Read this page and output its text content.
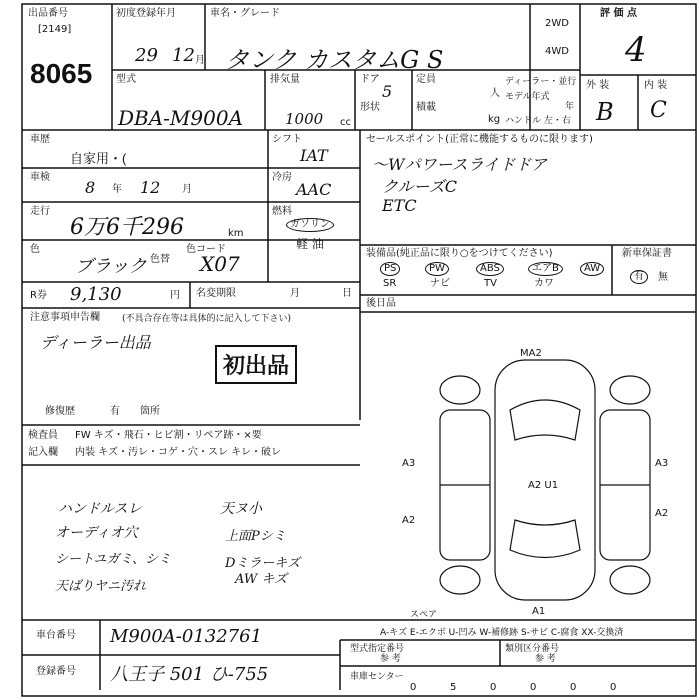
出品番号
[2149]
8065
初度登録年月
29 12 月
車名・グレード
タンク カスタムG S
2WD
4WD
評 価 点
4
型式
DBA-M900A
排気量
1000 cc
ドア
5
形状
定員
人
積載
kg
ディーラー・並行
モデル年式
年
ハンドル 左・右
外 装	内 装
B C
車歴
自家用・(
シフト
IAT
車検
8 年 12 月
冷房
AAC
走行
6万6千296	km
燃料
ガソリン
軽 油
色
ブラック 色替
色コード
X07
R券 9,130	円 名変期限	月	日
注意事項申告欄 (不具合存在等は具体的に記入して下さい)
ディーラー出品
初出品
修復歴	有 箇所
検査員 FW キズ・飛石・ヒビ割・リペア跡・×要
記入欄 内装 キズ・汚レ・コゲ・穴・スレ キレ・破レ
ハンドルスレ
オーディオ穴
シートユガミ、シミ
天ばりヤニ汚れ
天ヌ小
上面Pシミ
Dミラーキズ
AW キズ
セールスポイント(正常に機能するものに限ります)
〜Wパワースライドドア
クルーズC
ETC
装備品(純正品に限り○をつけてください)
PS	PW	ABS	エアB	AW
SR	ナビ	TV	カワ
新車保証書
有	無
後日品
MA2
A3
A2
A2 U1
A3
A2
A1
スペア
A-キズ E-エクボ U-凹み W-補修跡 S-サビ C-腐食 XX-交換済
車台番号 M900A-0132761
登録番号 八王子 501 ひ-755
型式指定番号
参 考
類別区分番号
参 考
車庫センター
0	5	0	0	0	0
